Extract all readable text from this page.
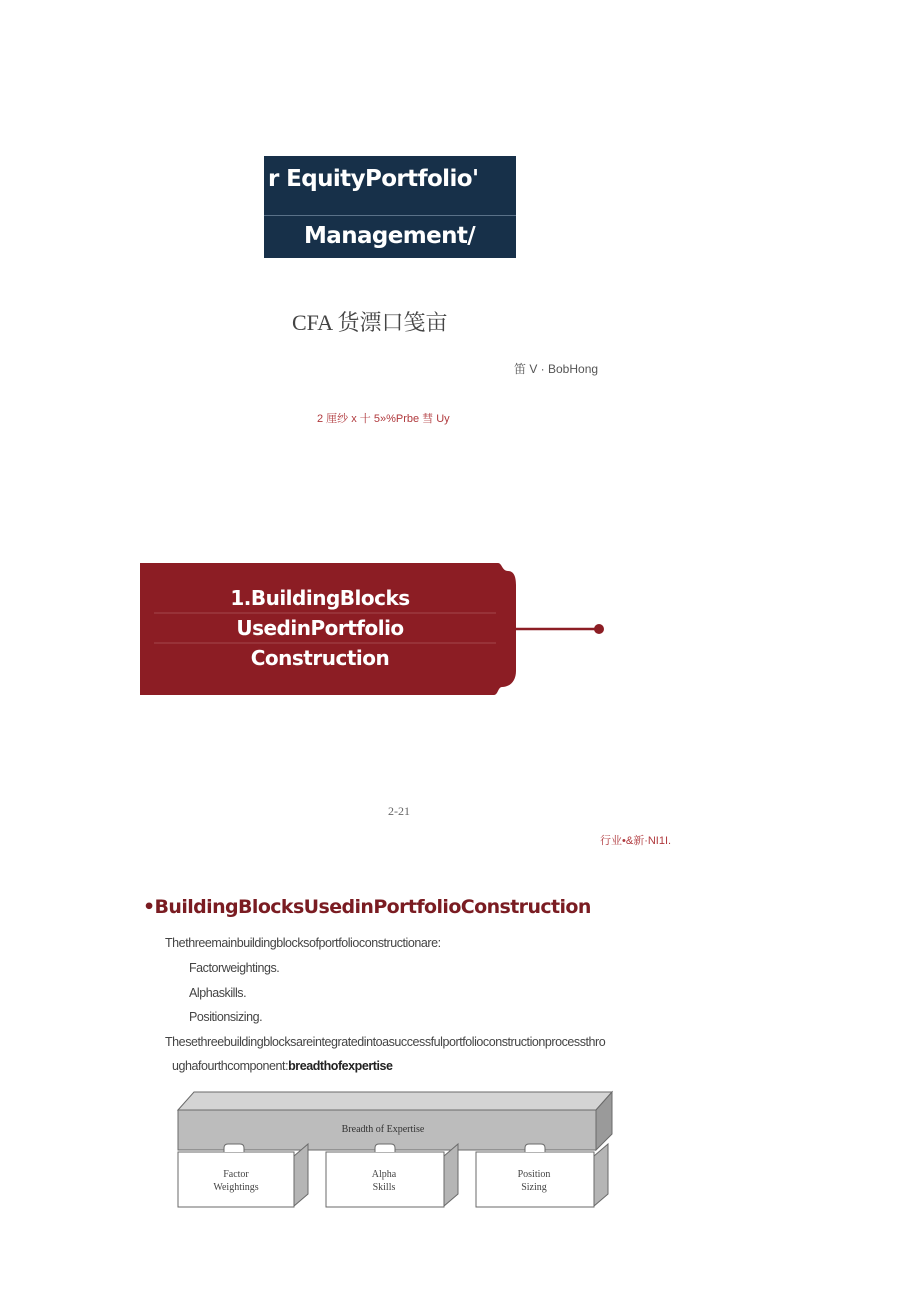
r EquityPortfolio'
Management/
CFA 货漂口笺亩
笛 V · BobHong
2 厘纱 x 十 5»%Prbe 彗 Uy
1.BuildingBlocks
UsedinPortfolio
Construction
2-21
行业•&新·NI1I.
•BuildingBlocksUsedinPortfolioConstruction
Thethreemainbuildingblocksofportfolioconstructionare:
Factorweightings.
Alphaskills.
Positionsizing.
Thesethreebuildingblocksareintegratedintoasuccessfulportfolioconstructionprocessthro
ughafourthcomponent:breadthofexpertise
Breadth of Expertise
Factor
Weightings
Alpha
Skills
Position
Sizing
